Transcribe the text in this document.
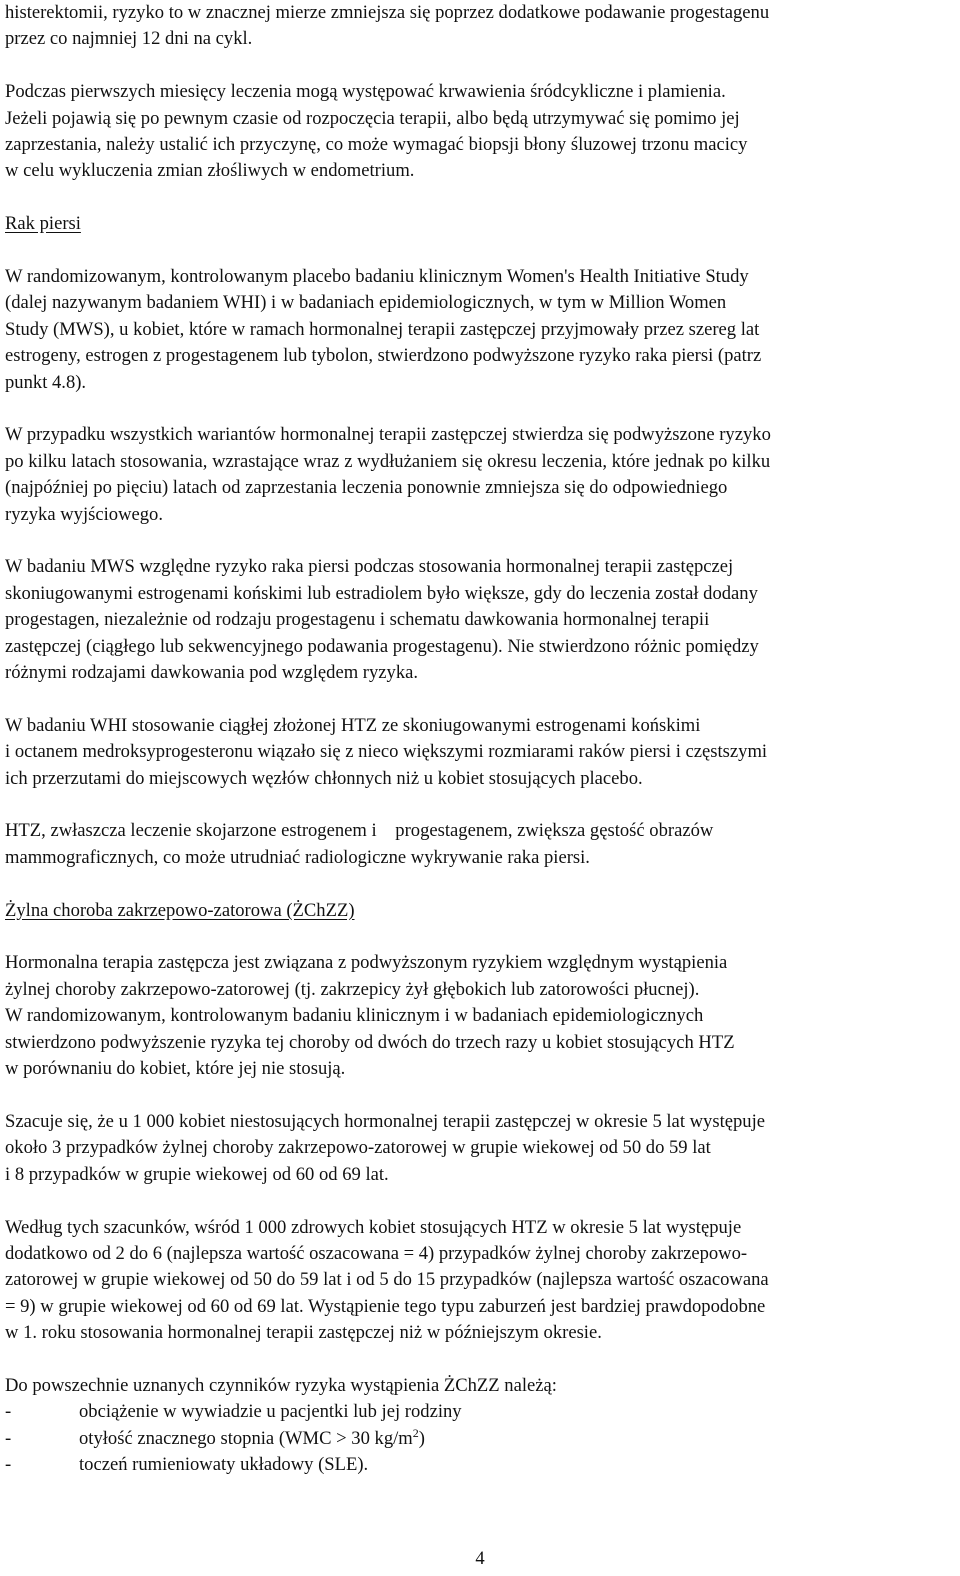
histerektomii, ryzyko to w znacznej mierze zmniejsza się poprzez dodatkowe podawanie progestagenu
przez co najmniej 12 dni na cykl.

Podczas pierwszych miesięcy leczenia mogą występować krwawienia śródcykliczne i plamienia.
Jeżeli pojawią się po pewnym czasie od rozpoczęcia terapii, albo będą utrzymywać się pomimo jej
zaprzestania, należy ustalić ich przyczynę, co może wymagać biopsji błony śluzowej trzonu macicy
w celu wykluczenia zmian złośliwych w endometrium.

Rak piersi

W randomizowanym, kontrolowanym placebo badaniu klinicznym Women's Health Initiative Study
(dalej nazywanym badaniem WHI) i w badaniach epidemiologicznych, w tym w Million Women
Study (MWS), u kobiet, które w ramach hormonalnej terapii zastępczej przyjmowały przez szereg lat
estrogeny, estrogen z progestagenem lub tybolon, stwierdzono podwyższone ryzyko raka piersi (patrz
punkt 4.8).

W przypadku wszystkich wariantów hormonalnej terapii zastępczej stwierdza się podwyższone ryzyko
po kilku latach stosowania, wzrastające wraz z wydłużaniem się okresu leczenia, które jednak po kilku
(najpóźniej po pięciu) latach od zaprzestania leczenia ponownie zmniejsza się do odpowiedniego
ryzyka wyjściowego.

W badaniu MWS względne ryzyko raka piersi podczas stosowania hormonalnej terapii zastępczej
skoniugowanymi estrogenami końskimi lub estradiolem było większe, gdy do leczenia został dodany
progestagen, niezależnie od rodzaju progestagenu i schematu dawkowania hormonalnej terapii
zastępczej (ciągłego lub sekwencyjnego podawania progestagenu). Nie stwierdzono różnic pomiędzy
różnymi rodzajami dawkowania pod względem ryzyka.

W badaniu WHI stosowanie ciągłej złożonej HTZ ze skoniugowanymi estrogenami końskimi
i octanem medroksyprogesteronu wiązało się z nieco większymi rozmiarami raków piersi i częstszymi
ich przerzutami do miejscowych węzłów chłonnych niż u kobiet stosujących placebo.

HTZ, zwłaszcza leczenie skojarzone estrogenem i    progestagenem, zwiększa gęstość obrazów
mammograficznych, co może utrudniać radiologiczne wykrywanie raka piersi.

Żylna choroba zakrzepowo-zatorowa (ŻChZZ)

Hormonalna terapia zastępcza jest związana z podwyższonym ryzykiem względnym wystąpienia
żylnej choroby zakrzepowo-zatorowej (tj. zakrzepicy żył głębokich lub zatorowości płucnej).
W randomizowanym, kontrolowanym badaniu klinicznym i w badaniach epidemiologicznych
stwierdzono podwyższenie ryzyka tej choroby od dwóch do trzech razy u kobiet stosujących HTZ
w porównaniu do kobiet, które jej nie stosują.

Szacuje się, że u 1 000 kobiet niestosujących hormonalnej terapii zastępczej w okresie 5 lat występuje
około 3 przypadków żylnej choroby zakrzepowo-zatorowej w grupie wiekowej od 50 do 59 lat
i 8 przypadków w grupie wiekowej od 60 od 69 lat.

Według tych szacunków, wśród 1 000 zdrowych kobiet stosujących HTZ w okresie 5 lat występuje
dodatkowo od 2 do 6 (najlepsza wartość oszacowana = 4) przypadków żylnej choroby zakrzepowo-
zatorowej w grupie wiekowej od 50 do 59 lat i od 5 do 15 przypadków (najlepsza wartość oszacowana
= 9) w grupie wiekowej od 60 od 69 lat. Wystąpienie tego typu zaburzeń jest bardziej prawdopodobne
w 1. roku stosowania hormonalnej terapii zastępczej niż w późniejszym okresie.

Do powszechnie uznanych czynników ryzyka wystąpienia ŻChZZ należą:

-	obciążenie w wywiadzie u pacjentki lub jej rodziny
-	otyłość znacznego stopnia (WMC > 30 $kg/m^2$)
-	toczeń rumieniowaty układowy (SLE).
4
